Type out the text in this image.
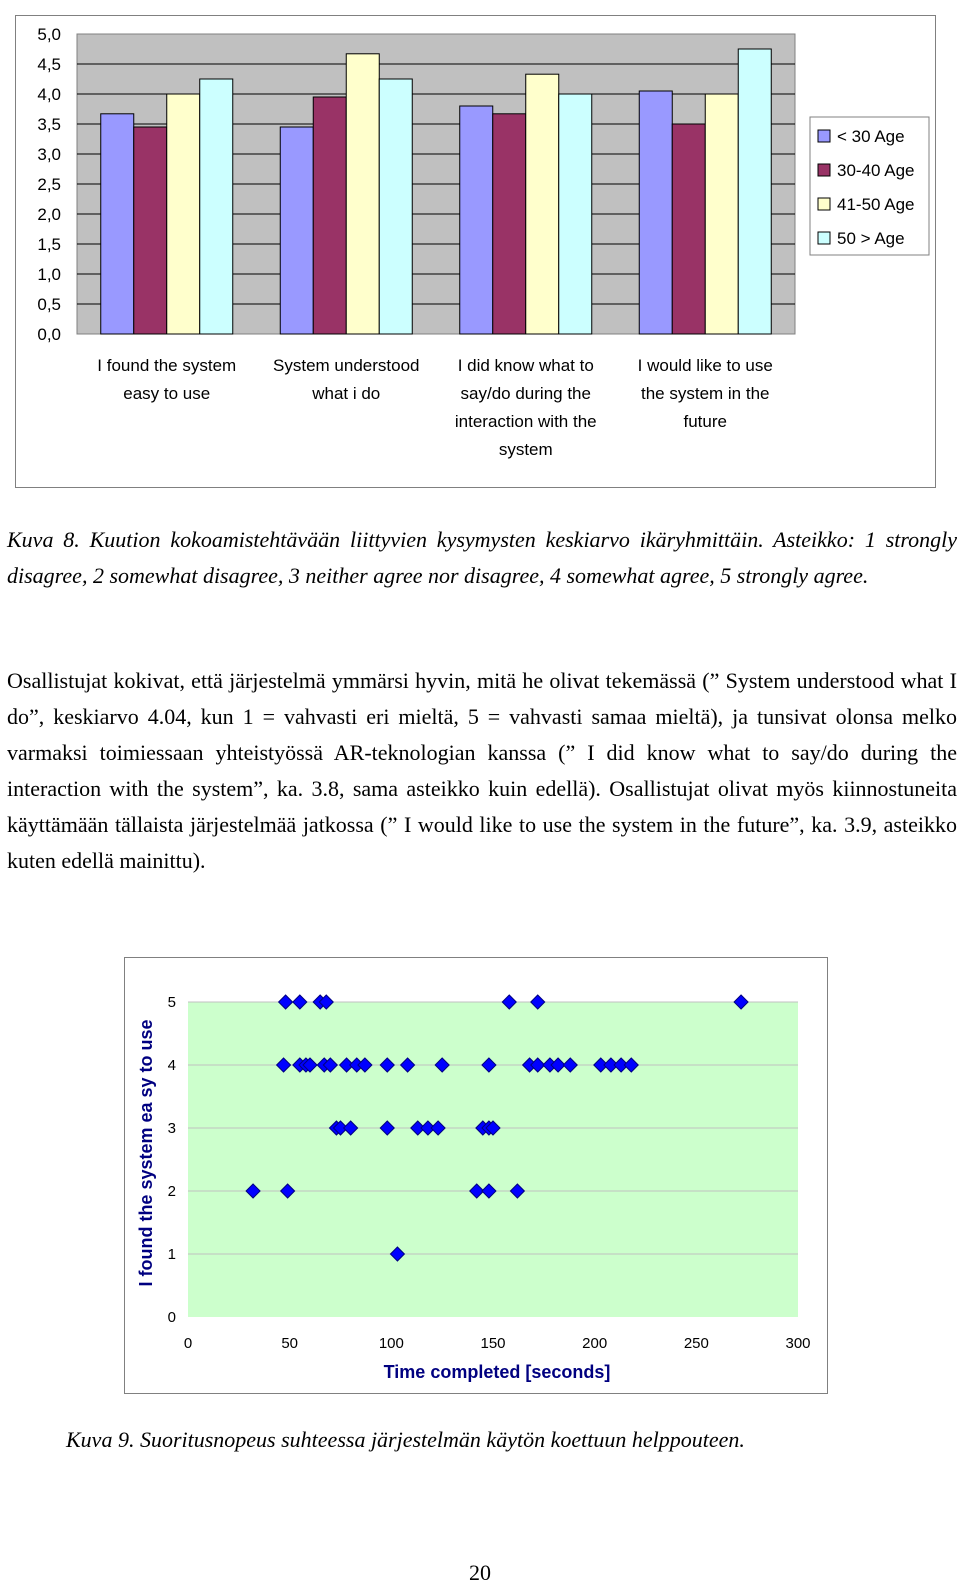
0,0
0,5
1,0
1,5
2,0
2,5
3,0
3,5
4,0
4,5
5,0
I found the system easy to use
System understood what i do
I did know what to say/do during the interaction with the system
I would like to use the system in the future
< 30 Age
30-40 Age
41-50 Age
50 > Age

Kuva 8. Kuution kokoamistehtävään liittyvien kysymysten keskiarvo ikäryhmittäin. Asteikko: 1 strongly disagree, 2 somewhat disagree, 3 neither agree nor disagree, 4 somewhat agree, 5 strongly agree.

Osallistujat kokivat, että järjestelmä ymmärsi hyvin, mitä he olivat tekemässä (” System understood what I do”, keskiarvo 4.04, kun 1 = vahvasti eri mieltä, 5 = vahvasti samaa mieltä), ja tunsivat olonsa melko varmaksi toimiessaan yhteistyössä AR-teknologian kanssa (” I did know what to say/do during the interaction with the system”, ka. 3.8, sama asteikko kuin edellä). Osallistujat olivat myös kiinnostuneita käyttämään tällaista järjestelmää jatkossa (” I would like to use the system in the future”, ka. 3.9, asteikko kuten edellä mainittu).

0
1
2
3
4
5
0	50	100	150	200	250	300
Time completed [seconds]
I found the system ea sy to use

Kuva 9. Suoritusnopeus suhteessa järjestelmän käytön koettuun helppouteen.

20
